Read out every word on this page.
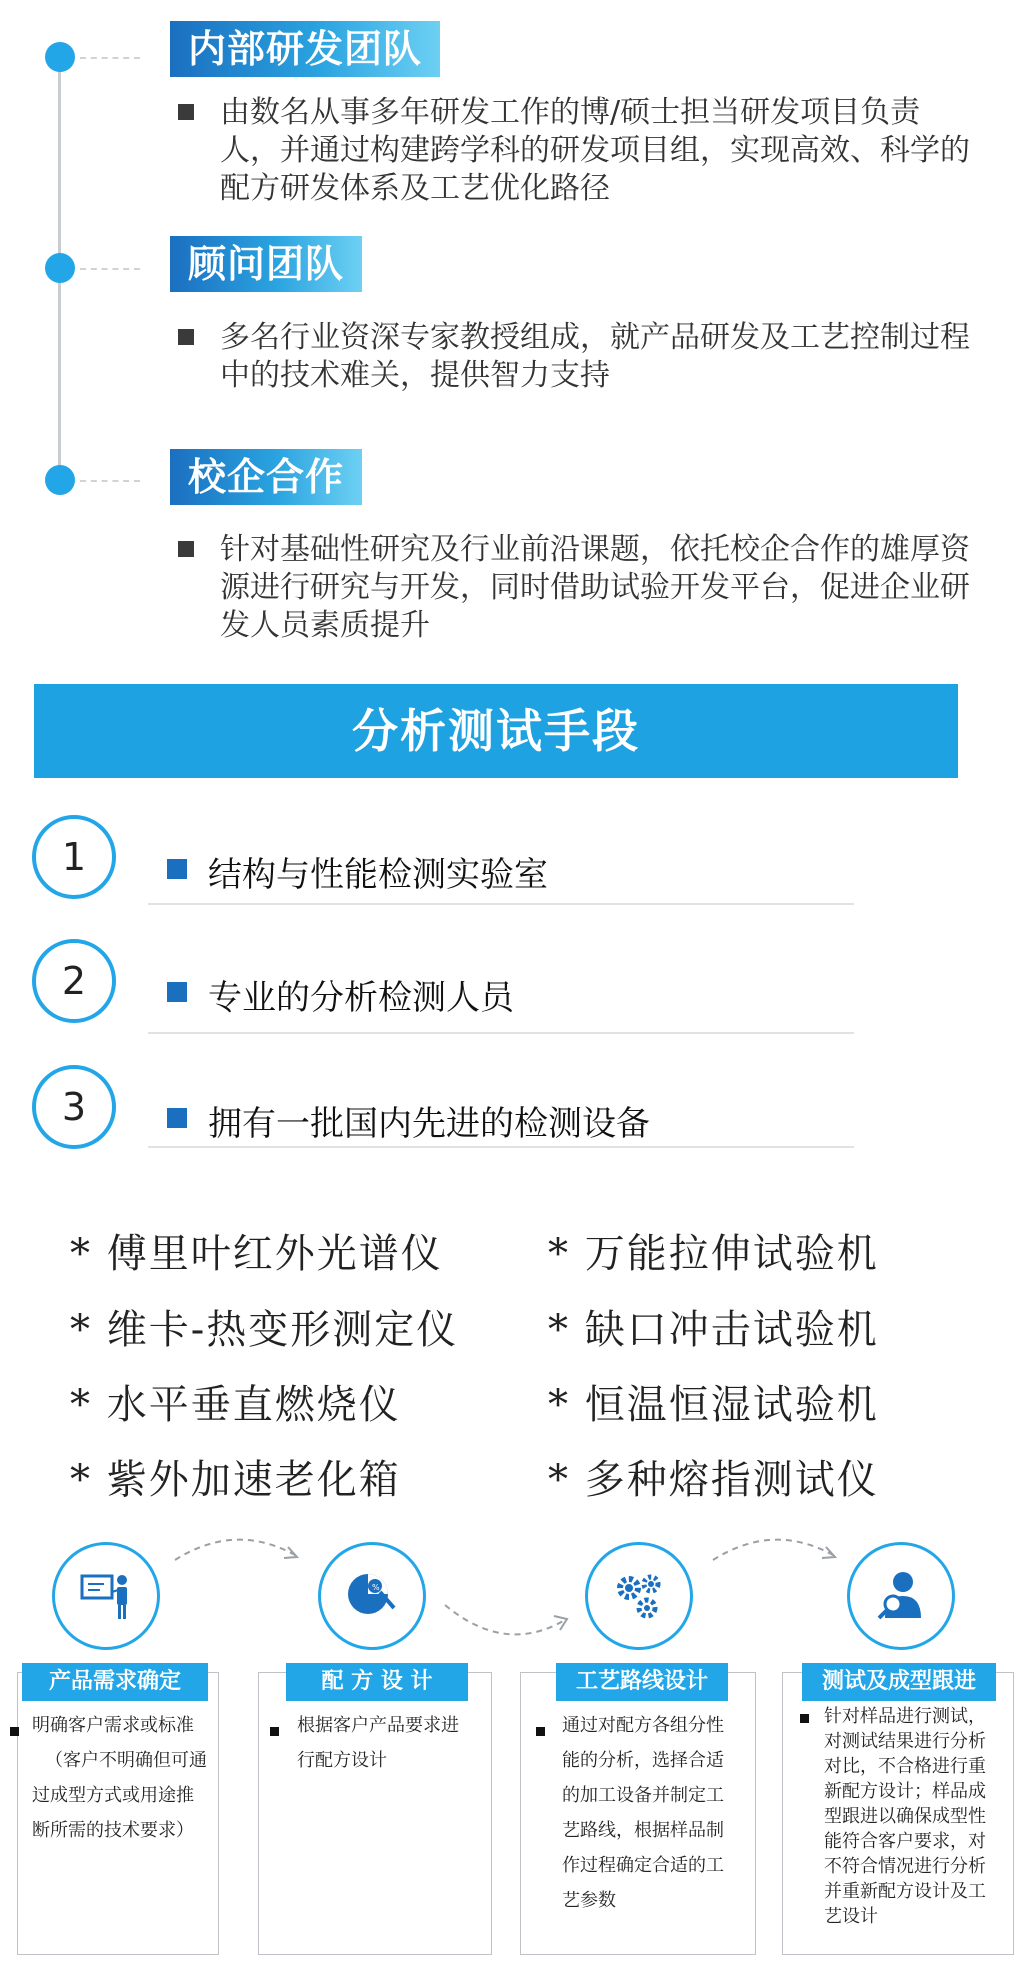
内部研发团队
由数名从事多年研发工作的博/硕士担当研发项目负责人，并通过构建跨学科的研发项目组，实现高效、科学的配方研发体系及工艺优化路径
顾问团队
多名行业资深专家教授组成，就产品研发及工艺控制过程中的技术难关，提供智力支持
校企合作
针对基础性研究及行业前沿课题，依托校企合作的雄厚资源进行研究与开发，同时借助试验开发平台，促进企业研发人员素质提升
分析测试手段
1	结构与性能检测实验室
2	专业的分析检测人员
3	拥有一批国内先进的检测设备
* 傅里叶红外光谱仪
* 维卡-热变形测定仪
* 水平垂直燃烧仪
* 紫外加速老化箱
* 万能拉伸试验机
* 缺口冲击试验机
* 恒温恒湿试验机
* 多种熔指测试仪
产品需求确定
明确客户需求或标准
（客户不明确但可通
过成型方式或用途推
断所需的技术要求）
%
配 方 设 计
根据客户产品要求进
行配方设计
工艺路线设计
通过对配方各组分性
能的分析，选择合适
的加工设备并制定工
艺路线，根据样品制
作过程确定合适的工
艺参数
测试及成型跟进
针对样品进行测试，
对测试结果进行分析
对比，不合格进行重
新配方设计；样品成
型跟进以确保成型性
能符合客户要求，对
不符合情况进行分析
并重新配方设计及工
艺设计
